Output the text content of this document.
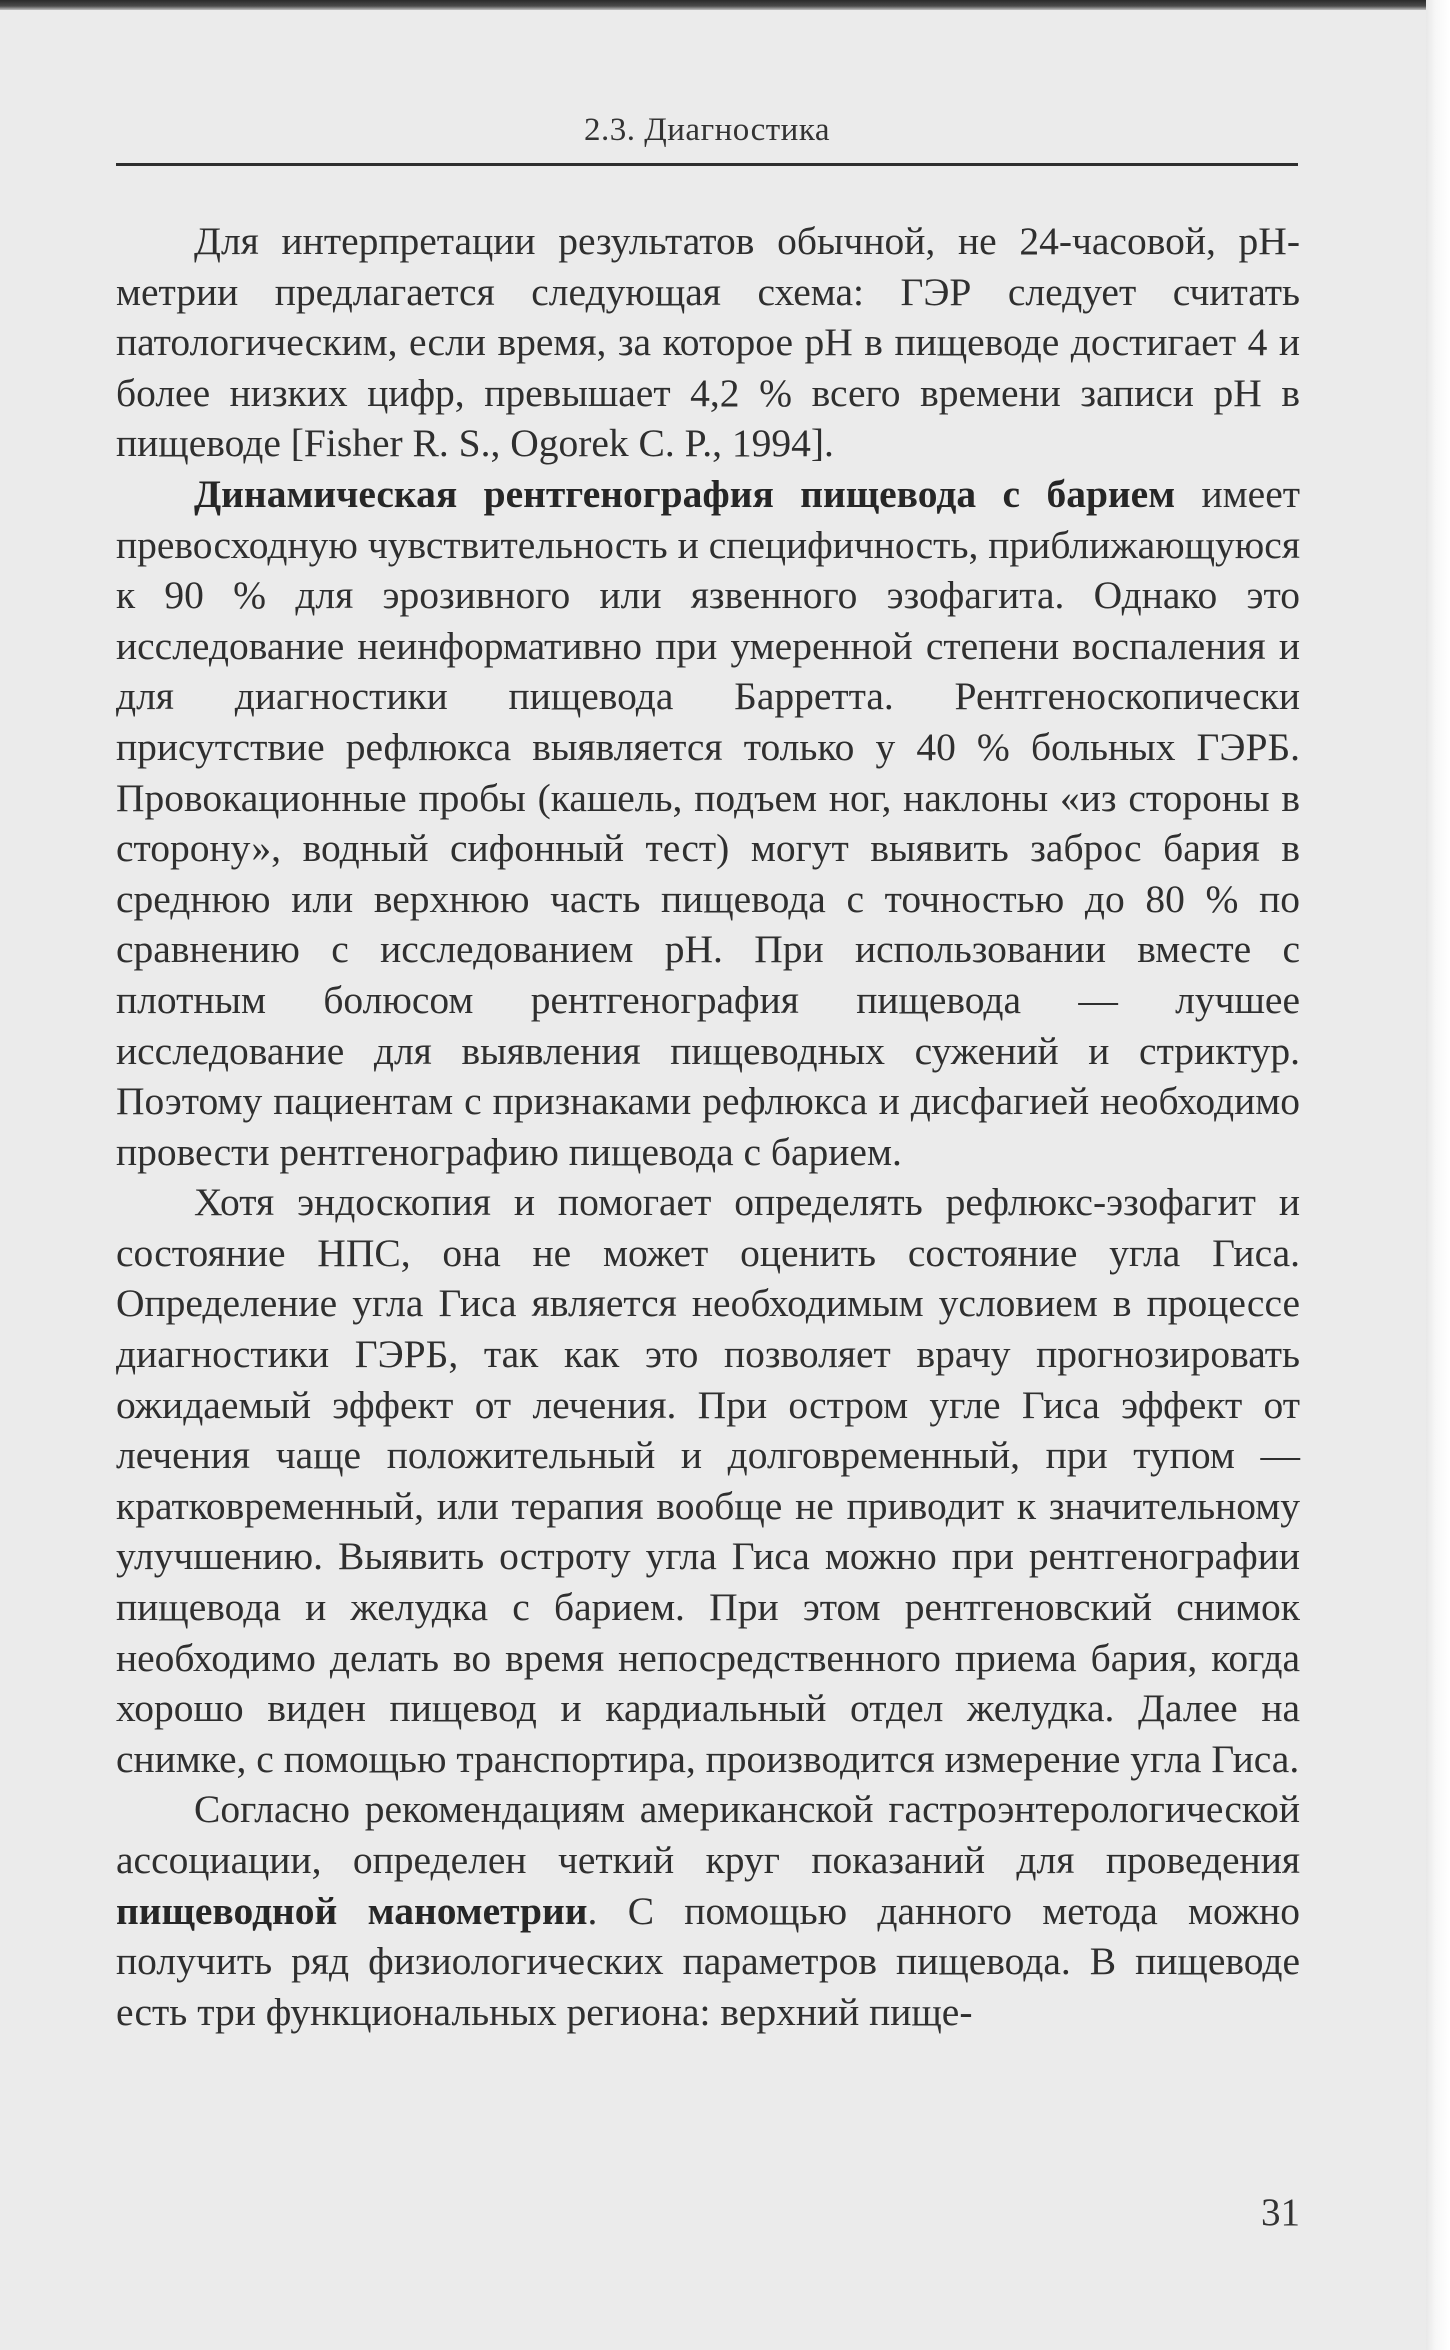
2.3. Диагностика

Для интерпретации результатов обычной, не 24-часовой, рН-метрии предлагается следующая схема: ГЭР следует считать патологическим, если время, за которое рН в пищеводе достигает 4 и более низких цифр, превышает 4,2 % всего времени записи рН в пищеводе [Fisher R. S., Ogorek C. P., 1994].

Динамическая рентгенография пищевода с барием имеет превосходную чувствительность и специфичность, приближающуюся к 90 % для эрозивного или язвенного эзофагита. Однако это исследование неинформативно при умеренной степени воспаления и для диагностики пищевода Барретта. Рентгеноскопически присутствие рефлюкса выявляется только у 40 % больных ГЭРБ. Провокационные пробы (кашель, подъем ног, наклоны «из стороны в сторону», водный сифонный тест) могут выявить заброс бария в среднюю или верхнюю часть пищевода с точностью до 80 % по сравнению с исследованием рН. При использовании вместе с плотным болюсом рентгенография пищевода — лучшее исследование для выявления пищеводных сужений и стриктур. Поэтому пациентам с признаками рефлюкса и дисфагией необходимо провести рентгенографию пищевода с барием.

Хотя эндоскопия и помогает определять рефлюкс-эзофагит и состояние НПС, она не может оценить состояние угла Гиса. Определение угла Гиса является необходимым условием в процессе диагностики ГЭРБ, так как это позволяет врачу прогнозировать ожидаемый эффект от лечения. При остром угле Гиса эффект от лечения чаще положительный и долговременный, при тупом — кратковременный, или терапия вообще не приводит к значительному улучшению. Выявить остроту угла Гиса можно при рентгенографии пищевода и желудка с барием. При этом рентгеновский снимок необходимо делать во время непосредственного приема бария, когда хорошо виден пищевод и кардиальный отдел желудка. Далее на снимке, с помощью транспортира, производится измерение угла Гиса.

Согласно рекомендациям американской гастроэнтерологической ассоциации, определен четкий круг показаний для проведения пищеводной манометрии. С помощью данного метода можно получить ряд физиологических параметров пищевода. В пищеводе есть три функциональных региона: верхний пище-

31
